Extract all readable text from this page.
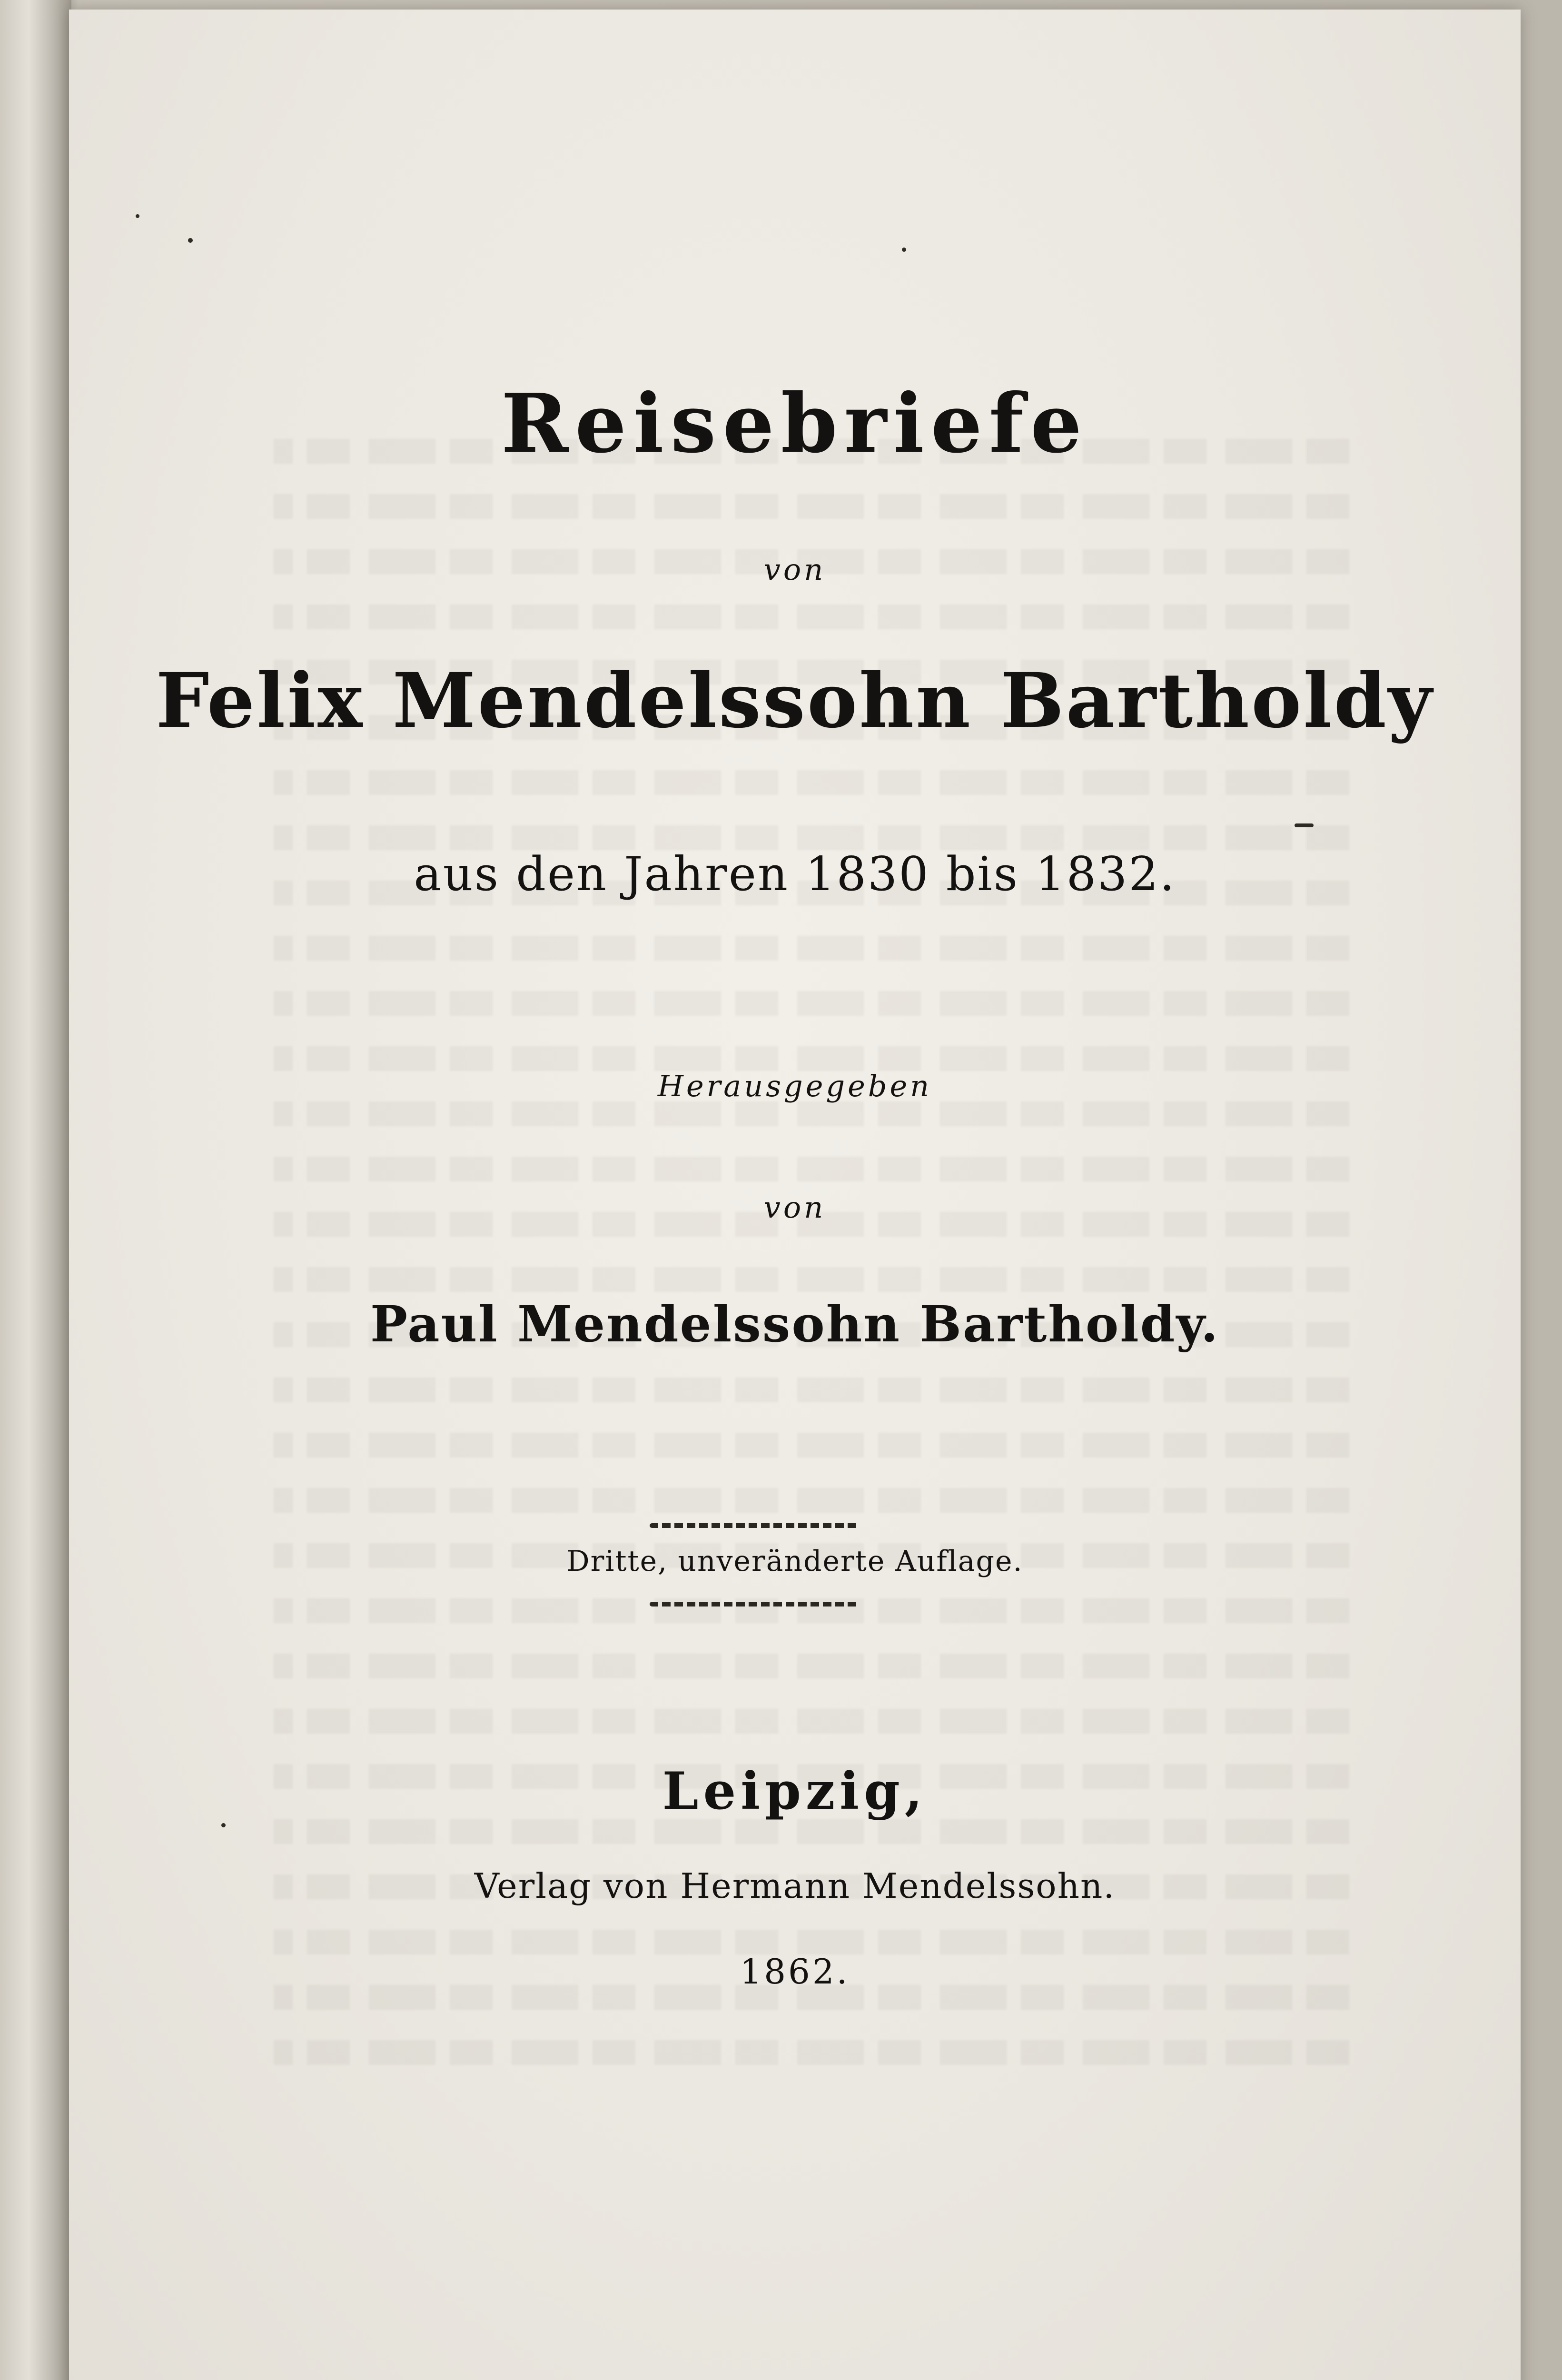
Reisebriefe
von
Felix Mendelssohn Bartholdy
aus den Jahren 1830 bis 1832.
Herausgegeben
von
Paul Mendelssohn Bartholdy.
Dritte, unveränderte Auflage.
Leipzig,
Verlag von Hermann Mendelssohn.
1862.
